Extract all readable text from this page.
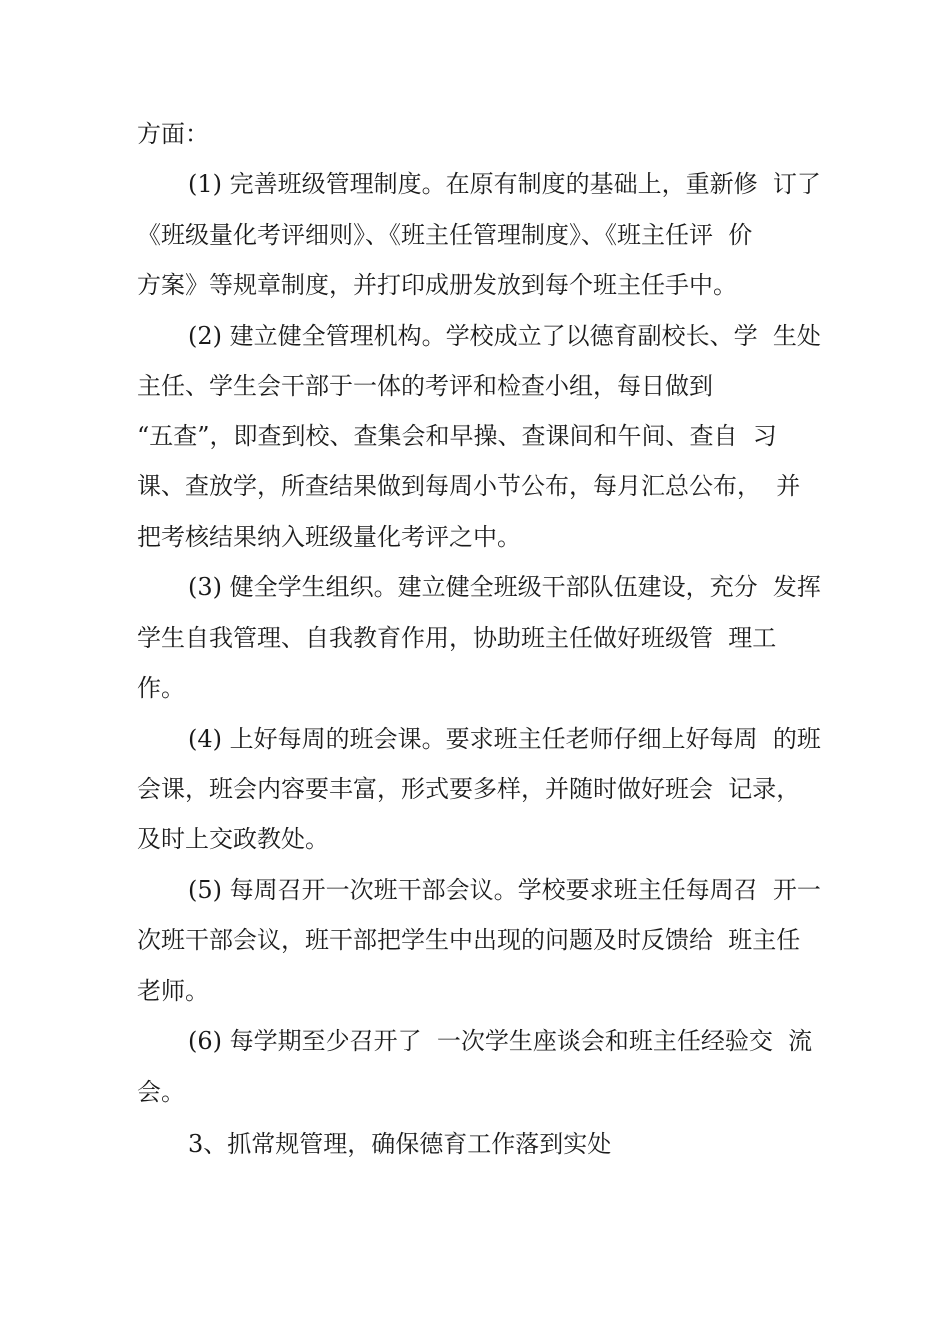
方面：
(1) 完善班级管理制度。在原有制度的基础上，重新修  订了
《班级量化考评细则》、《班主任管理制度》、《班主任评  价
方案》等规章制度，并打印成册发放到每个班主任手中。
(2) 建立健全管理机构。学校成立了以德育副校长、学  生处
主任、学生会干部于一体的考评和检查小组，每日做到
“五查”，即查到校、查集会和早操、查课间和午间、查自  习
课、查放学，所查结果做到每周小节公布，每月汇总公布，  并
把考核结果纳入班级量化考评之中。
(3) 健全学生组织。建立健全班级干部队伍建设，充分  发挥
学生自我管理、自我教育作用，协助班主任做好班级管  理工
作。
(4) 上好每周的班会课。要求班主任老师仔细上好每周  的班
会课，班会内容要丰富，形式要多样，并随时做好班会  记录，
及时上交政教处。
(5) 每周召开一次班干部会议。学校要求班主任每周召  开一
次班干部会议，班干部把学生中出现的问题及时反馈给  班主任
老师。
(6) 每学期至少召开了  一次学生座谈会和班主任经验交  流
会。
3、抓常规管理，确保德育工作落到实处
